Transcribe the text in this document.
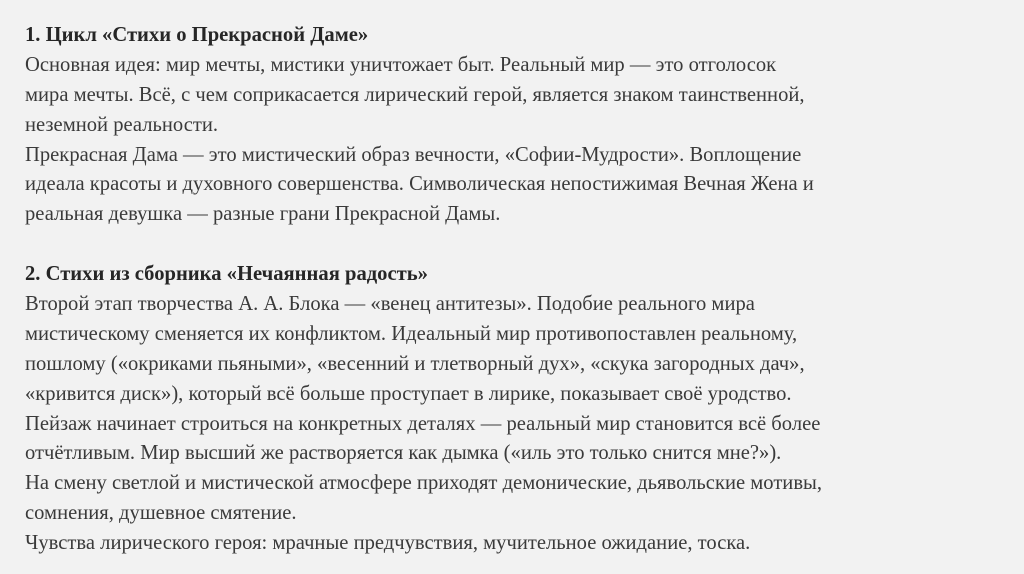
1. Цикл «Стихи о Прекрасной Даме»
Основная идея: мир мечты, мистики уничтожает быт. Реальный мир — это отголосок
мира мечты. Всё, с чем соприкасается лирический герой, является знаком таинственной,
неземной реальности.
Прекрасная Дама — это мистический образ вечности, «Софии-Мудрости». Воплощение
идеала красоты и духовного совершенства. Символическая непостижимая Вечная Жена и
реальная девушка — разные грани Прекрасной Дамы.
2. Стихи из сборника «Нечаянная радость»
Второй этап творчества А. А. Блока — «венец антитезы». Подобие реального мира
мистическому сменяется их конфликтом. Идеальный мир противопоставлен реальному,
пошлому («окриками пьяными», «весенний и тлетворный дух», «скука загородных дач»,
«кривится диск»), который всё больше проступает в лирике, показывает своё уродство.
Пейзаж начинает строиться на конкретных деталях — реальный мир становится всё более
отчётливым. Мир высший же растворяется как дымка («иль это только снится мне?»).
На смену светлой и мистической атмосфере приходят демонические, дьявольские мотивы,
сомнения, душевное смятение.
Чувства лирического героя: мрачные предчувствия, мучительное ожидание, тоска.
